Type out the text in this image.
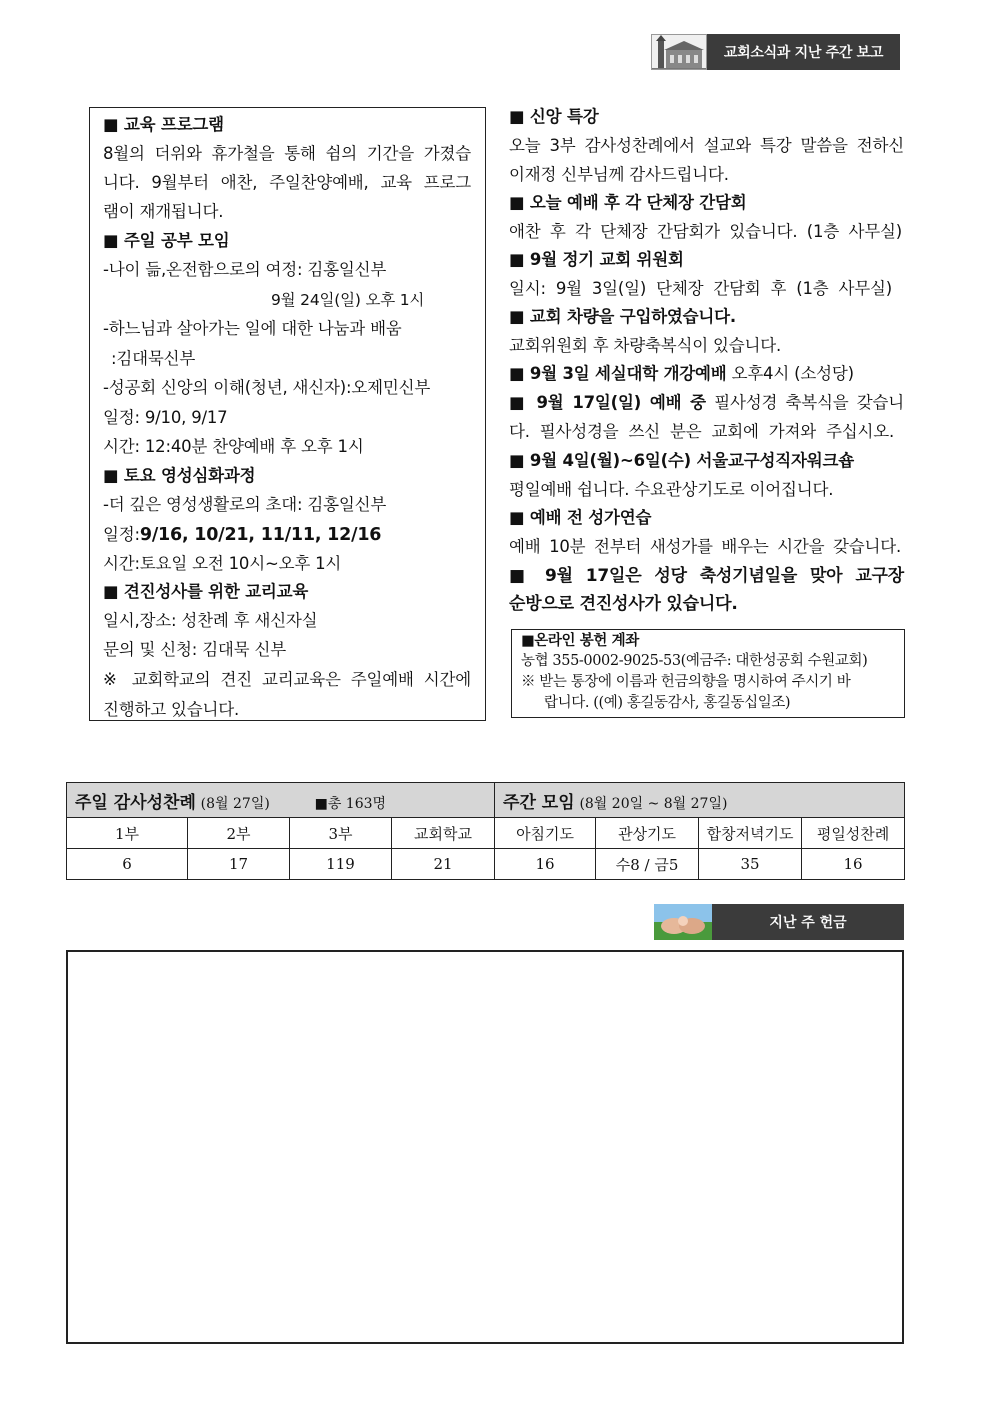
교회소식과 지난 주간 보고
■ 교육 프로그램
8월의 더위와 휴가철을 통해 쉼의 기간을 가졌습
니다. 9월부터 애찬, 주일찬양예배, 교육 프로그
램이 재개됩니다.
■ 주일 공부 모임
-나이 듦,온전함으로의 여정: 김홍일신부
9월 24일(일) 오후 1시
-하느님과 살아가는 일에 대한 나눔과 배움
:김대묵신부
-성공회 신앙의 이해(청년, 새신자):오제민신부
일정: 9/10, 9/17
시간: 12:40분 찬양예배 후 오후 1시
■ 토요 영성심화과정
-더 깊은 영성생활로의 초대: 김홍일신부
일정:9/16, 10/21, 11/11, 12/16
시간:토요일 오전 10시~오후 1시
■ 견진성사를 위한 교리교육
일시,장소: 성찬례 후 새신자실
문의 및 신청: 김대묵 신부
※ 교회학교의 견진 교리교육은 주일예배 시간에
진행하고 있습니다.
■ 신앙 특강
오늘 3부 감사성찬례에서 설교와 특강 말씀을 전하신
이재정 신부님께 감사드립니다.
■ 오늘 예배 후 각 단체장 간담회
애찬 후 각 단체장 간담회가 있습니다. (1층 사무실)
■ 9월 정기 교회 위원회
일시: 9월 3일(일) 단체장 간담회 후 (1층 사무실)
■ 교회 차량을 구입하였습니다.
교회위원회 후 차량축복식이 있습니다.
■ 9월 3일 세실대학 개강예배 오후4시 (소성당)
■ 9월 17일(일) 예배 중 필사성경 축복식을 갖습니
다. 필사성경을 쓰신 분은 교회에 가져와 주십시오.
■ 9월 4일(월)~6일(수) 서울교구성직자워크숍
평일예배 쉽니다. 수요관상기도로 이어집니다.
■ 예배 전 성가연습
예배 10분 전부터 새성가를 배우는 시간을 갖습니다.
■ 9월 17일은 성당 축성기념일을 맞아 교구장
순방으로 견진성사가 있습니다.
■온라인 봉헌 계좌
농협 355-0002-9025-53(예금주: 대한성공회 수원교회)
※ 받는 통장에 이름과 헌금의향을 명시하여 주시기 바
랍니다. ((예) 홍길동감사, 홍길동십일조)
주일 감사성찬례 (8월 27일) ■총 163명				주간 모임 (8월 20일 ~ 8월 27일)			
1부	2부	3부	교회학교	아침기도	관상기도	합창저녁기도	평일성찬례
6	17	119	21	16	수8 / 금5	35	16
지난 주 헌금
